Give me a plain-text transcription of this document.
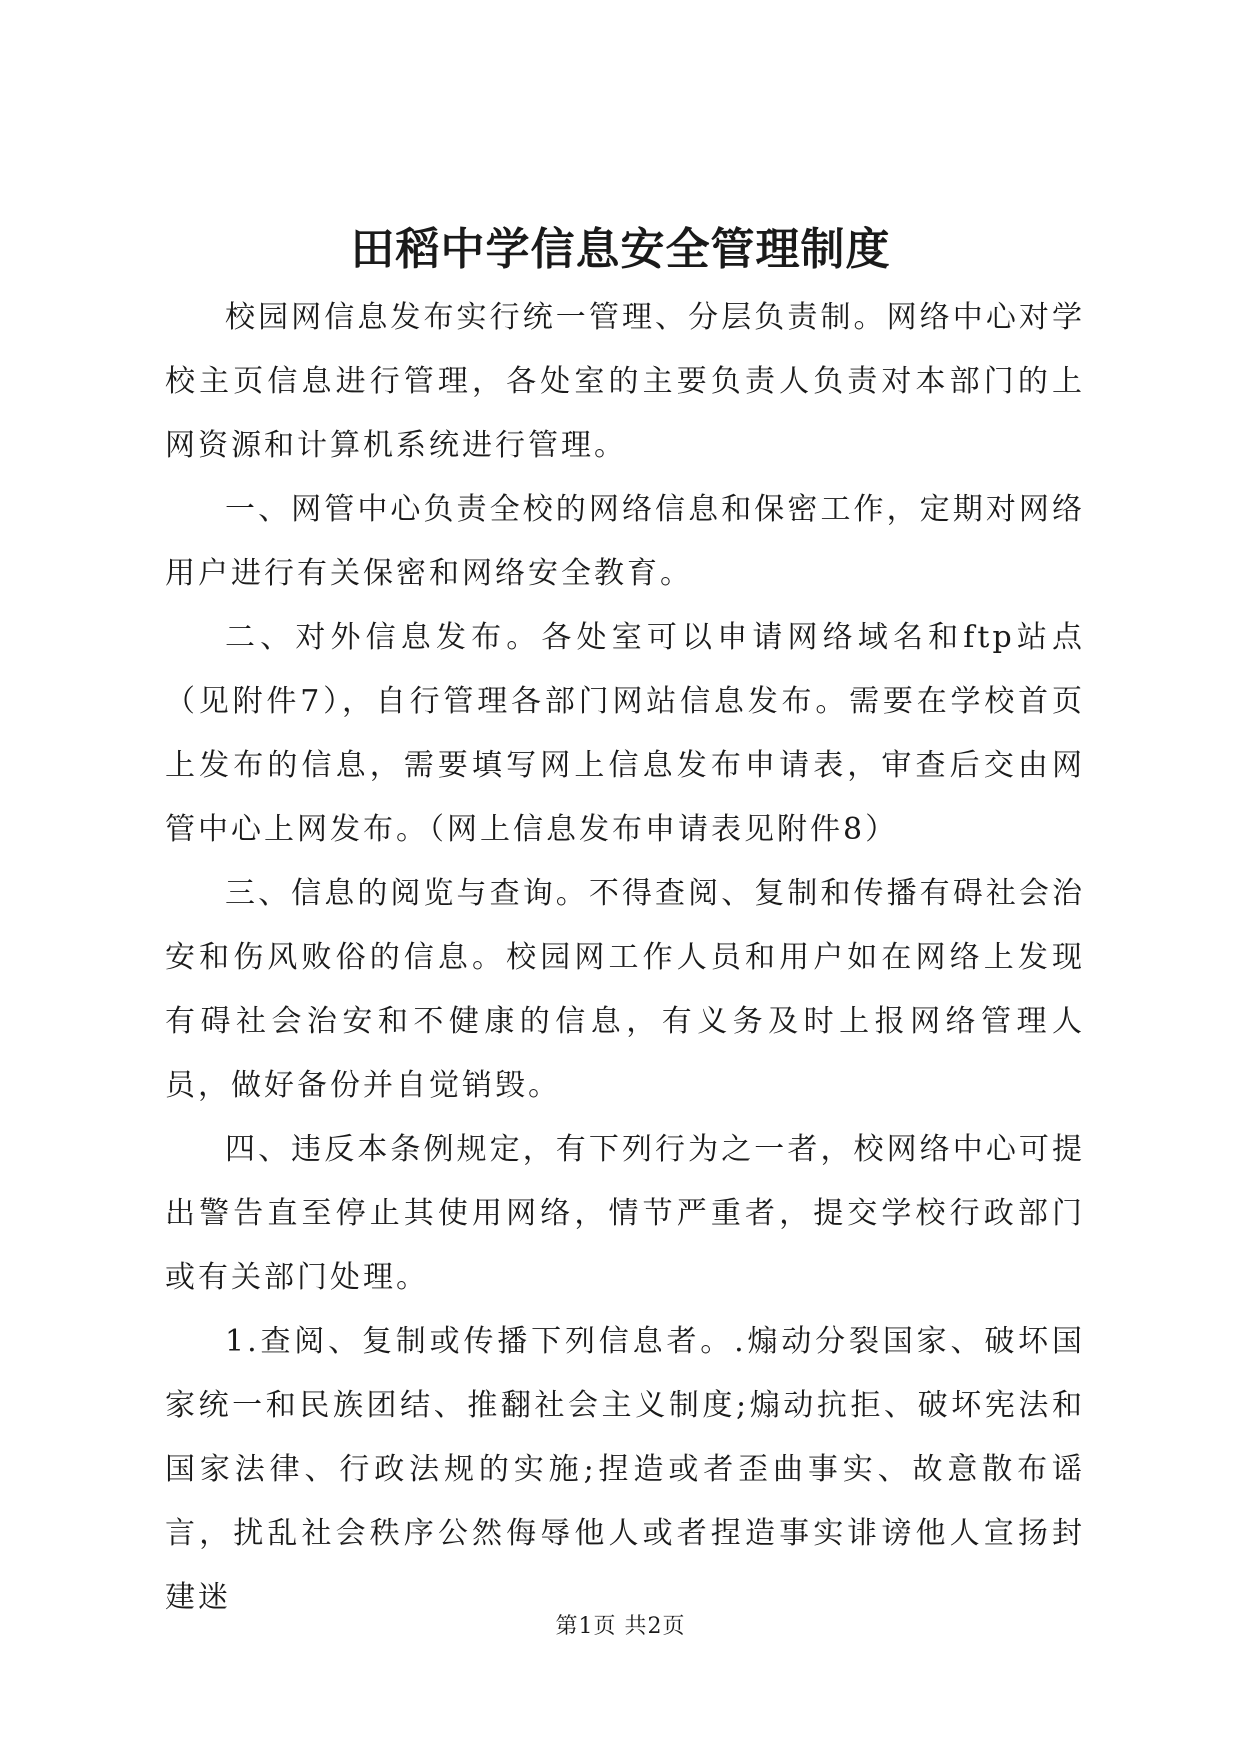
田稻中学信息安全管理制度

校园网信息发布实行统一管理、分层负责制。网络中心对学校主页信息进行管理，各处室的主要负责人负责对本部门的上网资源和计算机系统进行管理。

一、网管中心负责全校的网络信息和保密工作，定期对网络用户进行有关保密和网络安全教育。

二、对外信息发布。各处室可以申请网络域名和ftp站点（见附件7），自行管理各部门网站信息发布。需要在学校首页上发布的信息，需要填写网上信息发布申请表，审查后交由网管中心上网发布。（网上信息发布申请表见附件8）

三、信息的阅览与查询。不得查阅、复制和传播有碍社会治安和伤风败俗的信息。校园网工作人员和用户如在网络上发现有碍社会治安和不健康的信息，有义务及时上报网络管理人员，做好备份并自觉销毁。

四、违反本条例规定，有下列行为之一者，校网络中心可提出警告直至停止其使用网络，情节严重者，提交学校行政部门或有关部门处理。

1.查阅、复制或传播下列信息者。.煽动分裂国家、破坏国家统一和民族团结、推翻社会主义制度;煽动抗拒、破坏宪法和国家法律、行政法规的实施;捏造或者歪曲事实、故意散布谣言，扰乱社会秩序公然侮辱他人或者捏造事实诽谤他人宣扬封建迷

第1页 共2页
